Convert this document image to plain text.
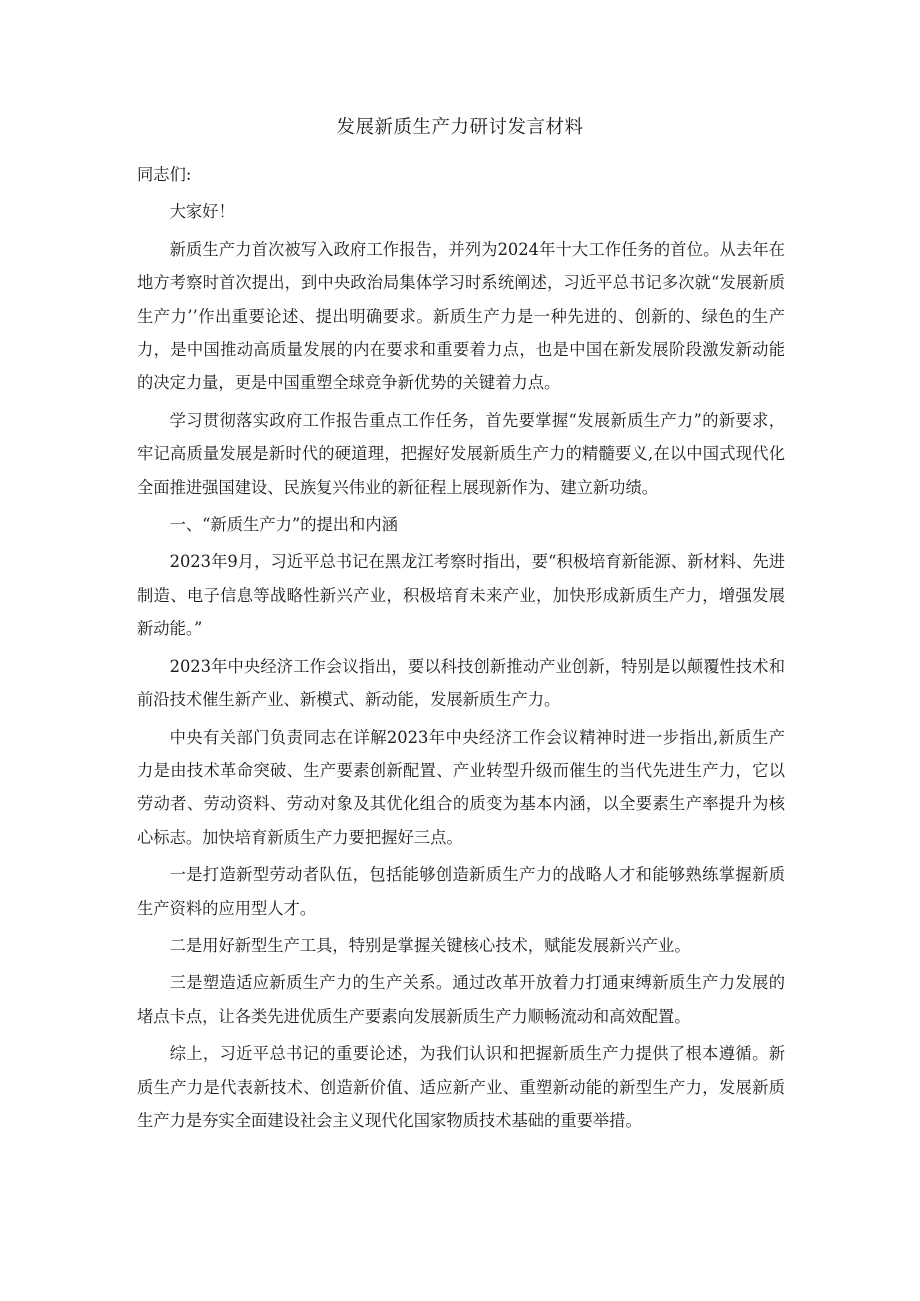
发展新质生产力研讨发言材料

同志们:

大家好！

新质生产力首次被写入政府工作报告，并列为2024年十大工作任务的首位。从去年在地方考察时首次提出，到中央政治局集体学习时系统阐述，习近平总书记多次就“发展新质生产力’’作出重要论述、提出明确要求。新质生产力是一种先进的、创新的、绿色的生产力，是中国推动高质量发展的内在要求和重要着力点，也是中国在新发展阶段激发新动能的决定力量，更是中国重塑全球竞争新优势的关键着力点。

学习贯彻落实政府工作报告重点工作任务，首先要掌握“发展新质生产力”的新要求，牢记高质量发展是新时代的硬道理，把握好发展新质生产力的精髓要义,在以中国式现代化全面推进强国建设、民族复兴伟业的新征程上展现新作为、建立新功绩。

一、“新质生产力”的提出和内涵

2023年9月，习近平总书记在黑龙江考察时指出，要“积极培育新能源、新材料、先进制造、电子信息等战略性新兴产业，积极培育未来产业，加快形成新质生产力，增强发展新动能。”

2023年中央经济工作会议指出，要以科技创新推动产业创新，特别是以颠覆性技术和前沿技术催生新产业、新模式、新动能，发展新质生产力。

中央有关部门负责同志在详解2023年中央经济工作会议精神时进一步指出,新质生产力是由技术革命突破、生产要素创新配置、产业转型升级而催生的当代先进生产力，它以劳动者、劳动资料、劳动对象及其优化组合的质变为基本内涵，以全要素生产率提升为核心标志。加快培育新质生产力要把握好三点。

一是打造新型劳动者队伍，包括能够创造新质生产力的战略人才和能够熟练掌握新质生产资料的应用型人才。

二是用好新型生产工具，特别是掌握关键核心技术，赋能发展新兴产业。

三是塑造适应新质生产力的生产关系。通过改革开放着力打通束缚新质生产力发展的堵点卡点，让各类先进优质生产要素向发展新质生产力顺畅流动和高效配置。

综上，习近平总书记的重要论述，为我们认识和把握新质生产力提供了根本遵循。新质生产力是代表新技术、创造新价值、适应新产业、重塑新动能的新型生产力，发展新质生产力是夯实全面建设社会主义现代化国家物质技术基础的重要举措。
